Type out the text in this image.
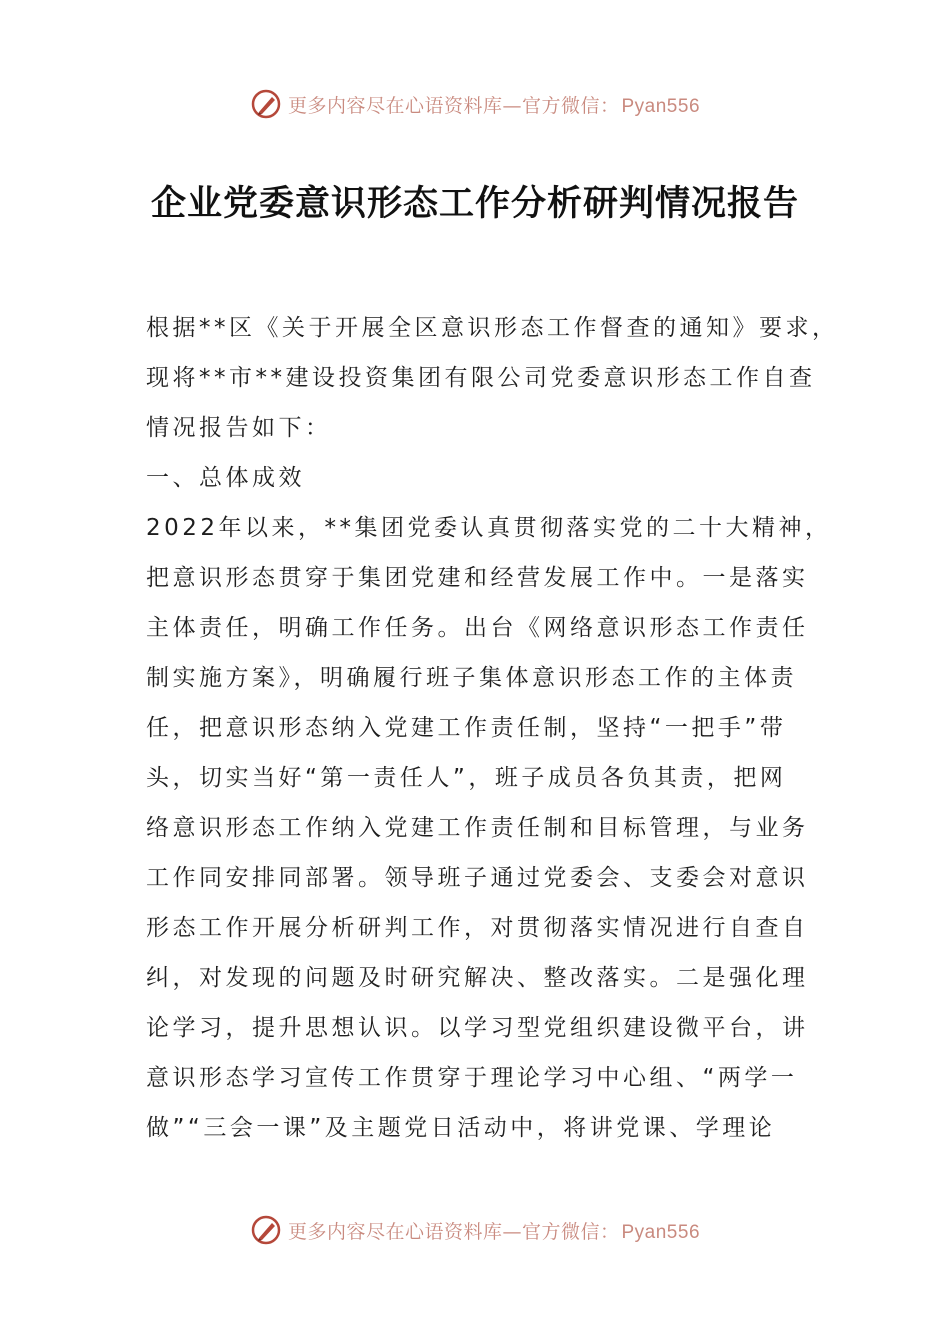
更多内容尽在心语资料库—官方微信： Pyan556
企业党委意识形态工作分析研判情况报告
根据**区《关于开展全区意识形态工作督查的通知》要求，
现将**市**建设投资集团有限公司党委意识形态工作自查
情况报告如下：
一、总体成效
2022年以来，**集团党委认真贯彻落实党的二十大精神，
把意识形态贯穿于集团党建和经营发展工作中。一是落实
主体责任，明确工作任务。出台《网络意识形态工作责任
制实施方案》，明确履行班子集体意识形态工作的主体责
任，把意识形态纳入党建工作责任制，坚持“一把手”带
头，切实当好“第一责任人”，班子成员各负其责，把网
络意识形态工作纳入党建工作责任制和目标管理，与业务
工作同安排同部署。领导班子通过党委会、支委会对意识
形态工作开展分析研判工作，对贯彻落实情况进行自查自
纠，对发现的问题及时研究解决、整改落实。二是强化理
论学习，提升思想认识。以学习型党组织建设微平台，讲
意识形态学习宣传工作贯穿于理论学习中心组、“两学一
做”“三会一课”及主题党日活动中，将讲党课、学理论
更多内容尽在心语资料库—官方微信： Pyan556
